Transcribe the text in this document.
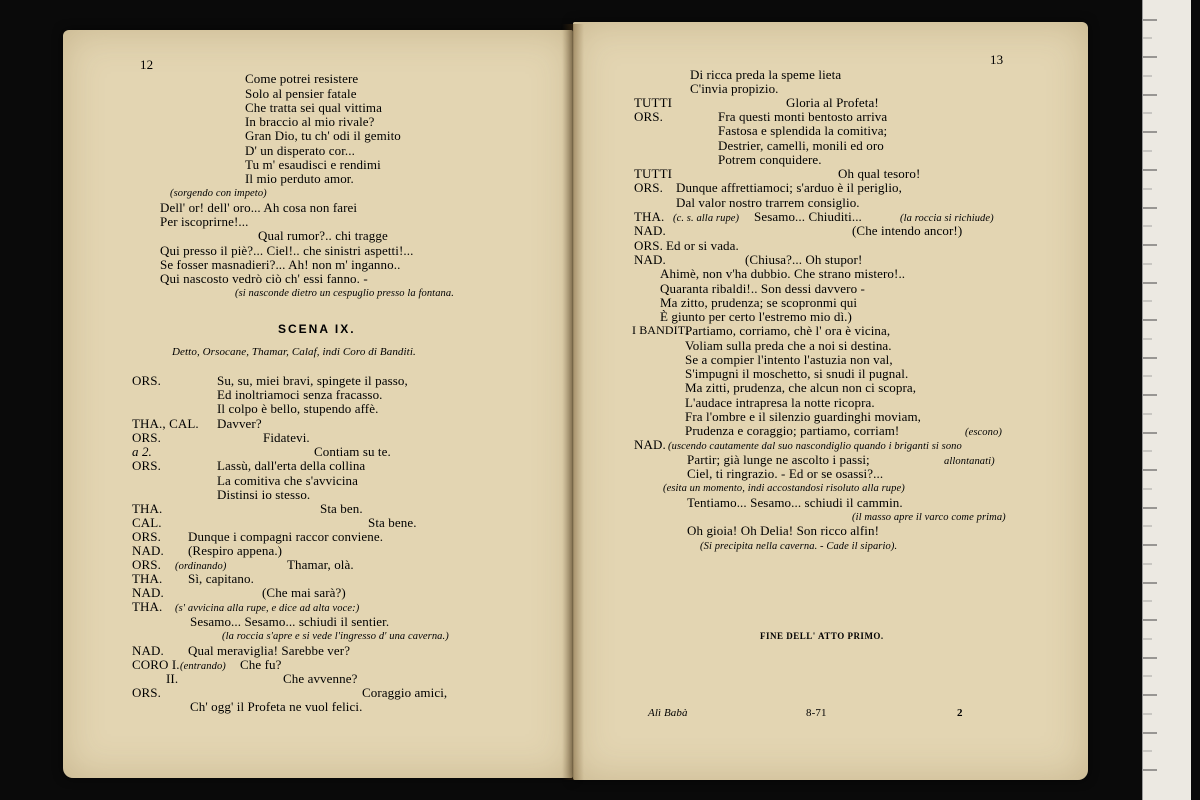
12
Come potrei resistere
Solo al pensier fatale
Che tratta sei qual vittima
In braccio al mio rivale?
Gran Dio, tu ch' odi il gemito
D' un disperato cor...
Tu m' esaudisci e rendimi
Il mio perduto amor.
(sorgendo con impeto)
Dell' or! dell' oro... Ah cosa non farei
Per iscoprirne!...
Qual rumor?.. chi tragge
Qui presso il piè?... Ciel!.. che sinistri aspetti!...
Se fosser masnadieri?... Ah! non m' inganno..
Qui nascosto vedrò ciò ch' essi fanno. -
(si nasconde dietro un cespuglio presso la fontana.
SCENA IX.
Detto, Orsocane, Thamar, Calaf, indi Coro di Banditi.
ORS.	Su, su, miei bravi, spingete il passo,
Ed inoltriamoci senza fracasso.
Il colpo è bello, stupendo affè.
THA., CAL. Davver?
ORS.	Fidatevi.
a 2.	Contiam su te.
ORS.	Lassù, dall'erta della collina
La comitiva che s'avvicina
Distinsi io stesso.
THA.	Sta ben.
CAL.	Sta bene.
ORS. Dunque i compagni raccor conviene.
NAD. (Respiro appena.)
ORS. (ordinando)	Thamar, olà.
THA. Sì, capitano.
NAD.	(Che mai sarà?)
THA. (s' avvicina alla rupe, e dice ad alta voce:)
Sesamo... Sesamo... schiudi il sentier.
(la roccia s'apre e si vede l'ingresso d' una caverna.)
NAD. Qual meraviglia! Sarebbe ver?
CORO I. (entrando) Che fu?
II.	Che avvenne?
ORS.	Coraggio amici,
Ch' ogg' il Profeta ne vuol felici.
13
Di ricca preda la speme lieta
C'invia propizio.
TUTTI	Gloria al Profeta!
ORS.	Fra questi monti bentosto arriva
Fastosa e splendida la comitiva;
Destrier, camelli, monili ed oro
Potrem conquidere.
TUTTI	Oh qual tesoro!
ORS. Dunque affrettiamoci; s'arduo è il periglio,
Dal valor nostro trarrem consiglio.
THA. (c. s. alla rupe) Sesamo... Chiuditi...	(la roccia si richiude)
NAD.	(Che intendo ancor!)
ORS. Ed or si vada.
NAD.	(Chiusa?... Oh stupor!
Ahimè, non v'ha dubbio. Che strano mistero!..
Quaranta ribaldi!.. Son dessi davvero -
Ma zitto, prudenza; se scopronmi qui
È giunto per certo l'estremo mio dì.)
I BANDITI
Partiamo, corriamo, chè l' ora è vicina,
Voliam sulla preda che a noi si destina.
Se a compier l'intento l'astuzia non val,
S'impugni il moschetto, si snudi il pugnal.
Ma zitti, prudenza, che alcun non ci scopra,
L'audace intrapresa la notte ricopra.
Fra l'ombre e il silenzio guardinghi moviam,
Prudenza e coraggio; partiamo, corriam!	(escono)
NAD. (uscendo cautamente dal suo nascondiglio quando i briganti si sono
Partir; già lunge ne ascolto i passi;	allontanati)
Ciel, ti ringrazio. - Ed or se osassi?...
(esita un momento, indi accostandosi risoluto alla rupe)
Tentiamo... Sesamo... schiudi il cammin.
(il masso apre il varco come prima)
Oh gioia! Oh Delia! Son ricco alfin!
(Si precipita nella caverna. - Cade il sipario).
FINE DELL' ATTO PRIMO.
Alì Babà	8-71	2
